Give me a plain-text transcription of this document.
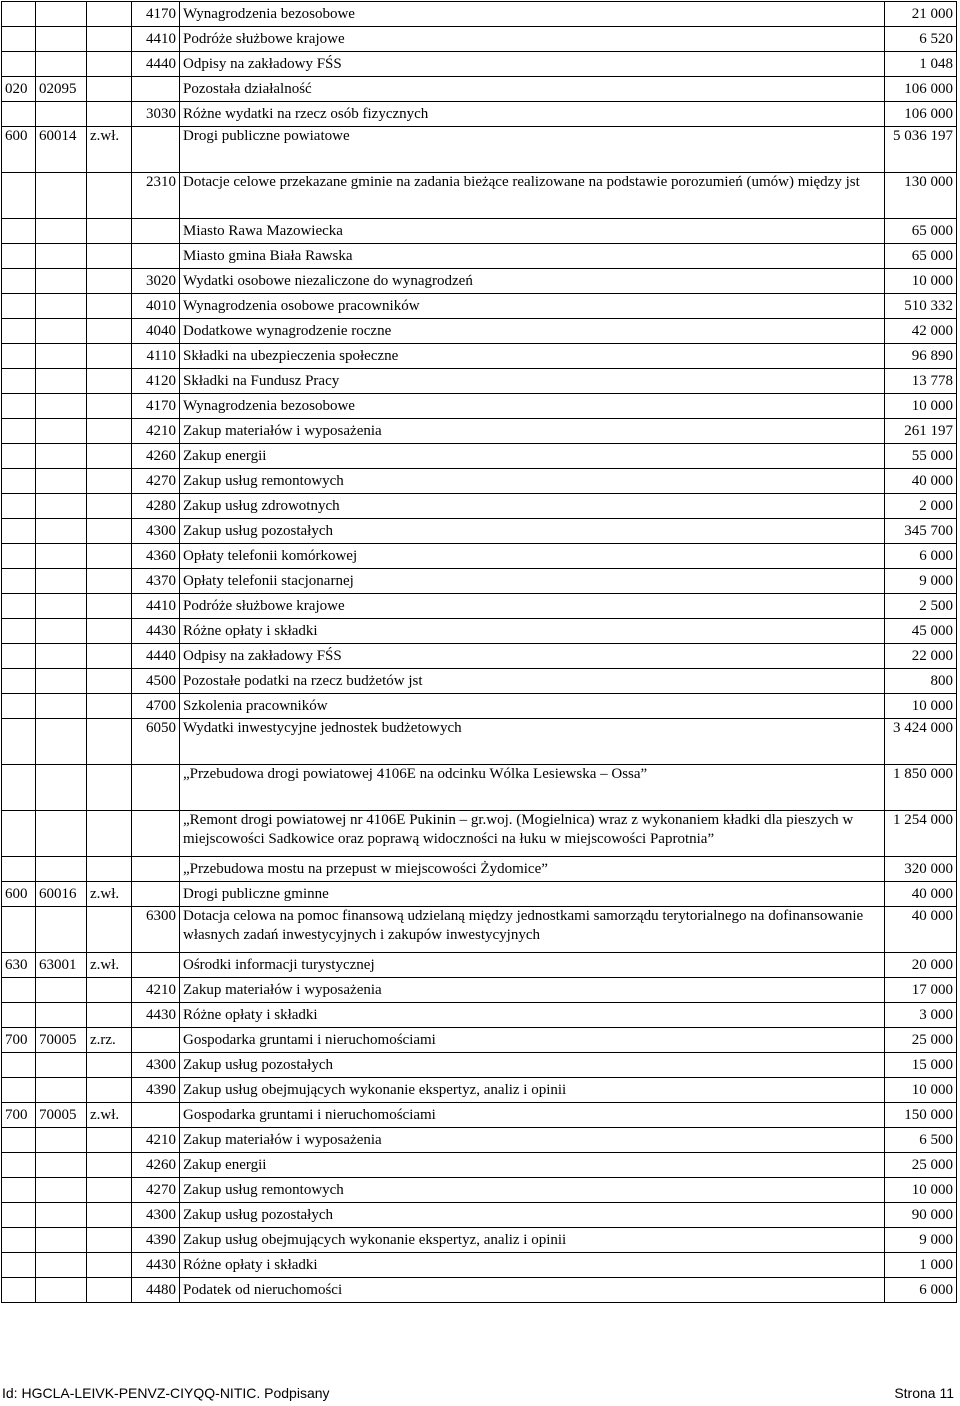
			4170	Wynagrodzenia bezosobowe	21 000
			4410	Podróże służbowe krajowe	6 520
			4440	Odpisy na zakładowy FŚS	1 048
020	02095			Pozostała działalność	106 000
			3030	Różne wydatki na rzecz osób fizycznych	106 000
600	60014	z.wł.		Drogi publiczne powiatowe	5 036 197
			2310	Dotacje celowe przekazane gminie na zadania bieżące realizowane na podstawie porozumień (umów) między jst	130 000
				Miasto Rawa Mazowiecka	65 000
				Miasto gmina Biała Rawska	65 000
			3020	Wydatki osobowe niezaliczone do wynagrodzeń	10 000
			4010	Wynagrodzenia osobowe pracowników	510 332
			4040	Dodatkowe wynagrodzenie roczne	42 000
			4110	Składki na ubezpieczenia społeczne	96 890
			4120	Składki na Fundusz Pracy	13 778
			4170	Wynagrodzenia bezosobowe	10 000
			4210	Zakup materiałów i wyposażenia	261 197
			4260	Zakup energii	55 000
			4270	Zakup usług remontowych	40 000
			4280	Zakup usług zdrowotnych	2 000
			4300	Zakup usług pozostałych	345 700
			4360	Opłaty telefonii komórkowej	6 000
			4370	Opłaty telefonii stacjonarnej	9 000
			4410	Podróże służbowe krajowe	2 500
			4430	Różne opłaty i składki	45 000
			4440	Odpisy na zakładowy FŚS	22 000
			4500	Pozostałe podatki na rzecz budżetów jst	800
			4700	Szkolenia pracowników	10 000
			6050	Wydatki inwestycyjne jednostek budżetowych	3 424 000
				„Przebudowa drogi powiatowej 4106E na odcinku Wólka Lesiewska – Ossa”	1 850 000
				„Remont drogi powiatowej nr 4106E Pukinin – gr.woj. (Mogielnica) wraz z wykonaniem kładki dla pieszych w miejscowości Sadkowice oraz poprawą widoczności na łuku w miejscowości Paprotnia”	1 254 000
				„Przebudowa mostu na przepust w miejscowości Żydomice”	320 000
600	60016	z.wł.		Drogi publiczne gminne	40 000
			6300	Dotacja celowa na pomoc finansową udzielaną między jednostkami samorządu terytorialnego na dofinansowanie własnych zadań inwestycyjnych i zakupów inwestycyjnych	40 000
630	63001	z.wł.		Ośrodki informacji turystycznej	20 000
			4210	Zakup materiałów i wyposażenia	17 000
			4430	Różne opłaty i składki	3 000
700	70005	z.rz.		Gospodarka gruntami i nieruchomościami	25 000
			4300	Zakup usług pozostałych	15 000
			4390	Zakup usług obejmujących wykonanie ekspertyz, analiz i opinii	10 000
700	70005	z.wł.		Gospodarka gruntami i nieruchomościami	150 000
			4210	Zakup materiałów i wyposażenia	6 500
			4260	Zakup energii	25 000
			4270	Zakup usług remontowych	10 000
			4300	Zakup usług pozostałych	90 000
			4390	Zakup usług obejmujących wykonanie ekspertyz, analiz i opinii	9 000
			4430	Różne opłaty i składki	1 000
			4480	Podatek od nieruchomości	6 000
Id: HGCLA-LEIVK-PENVZ-CIYQQ-NITIC. Podpisany	Strona 11
